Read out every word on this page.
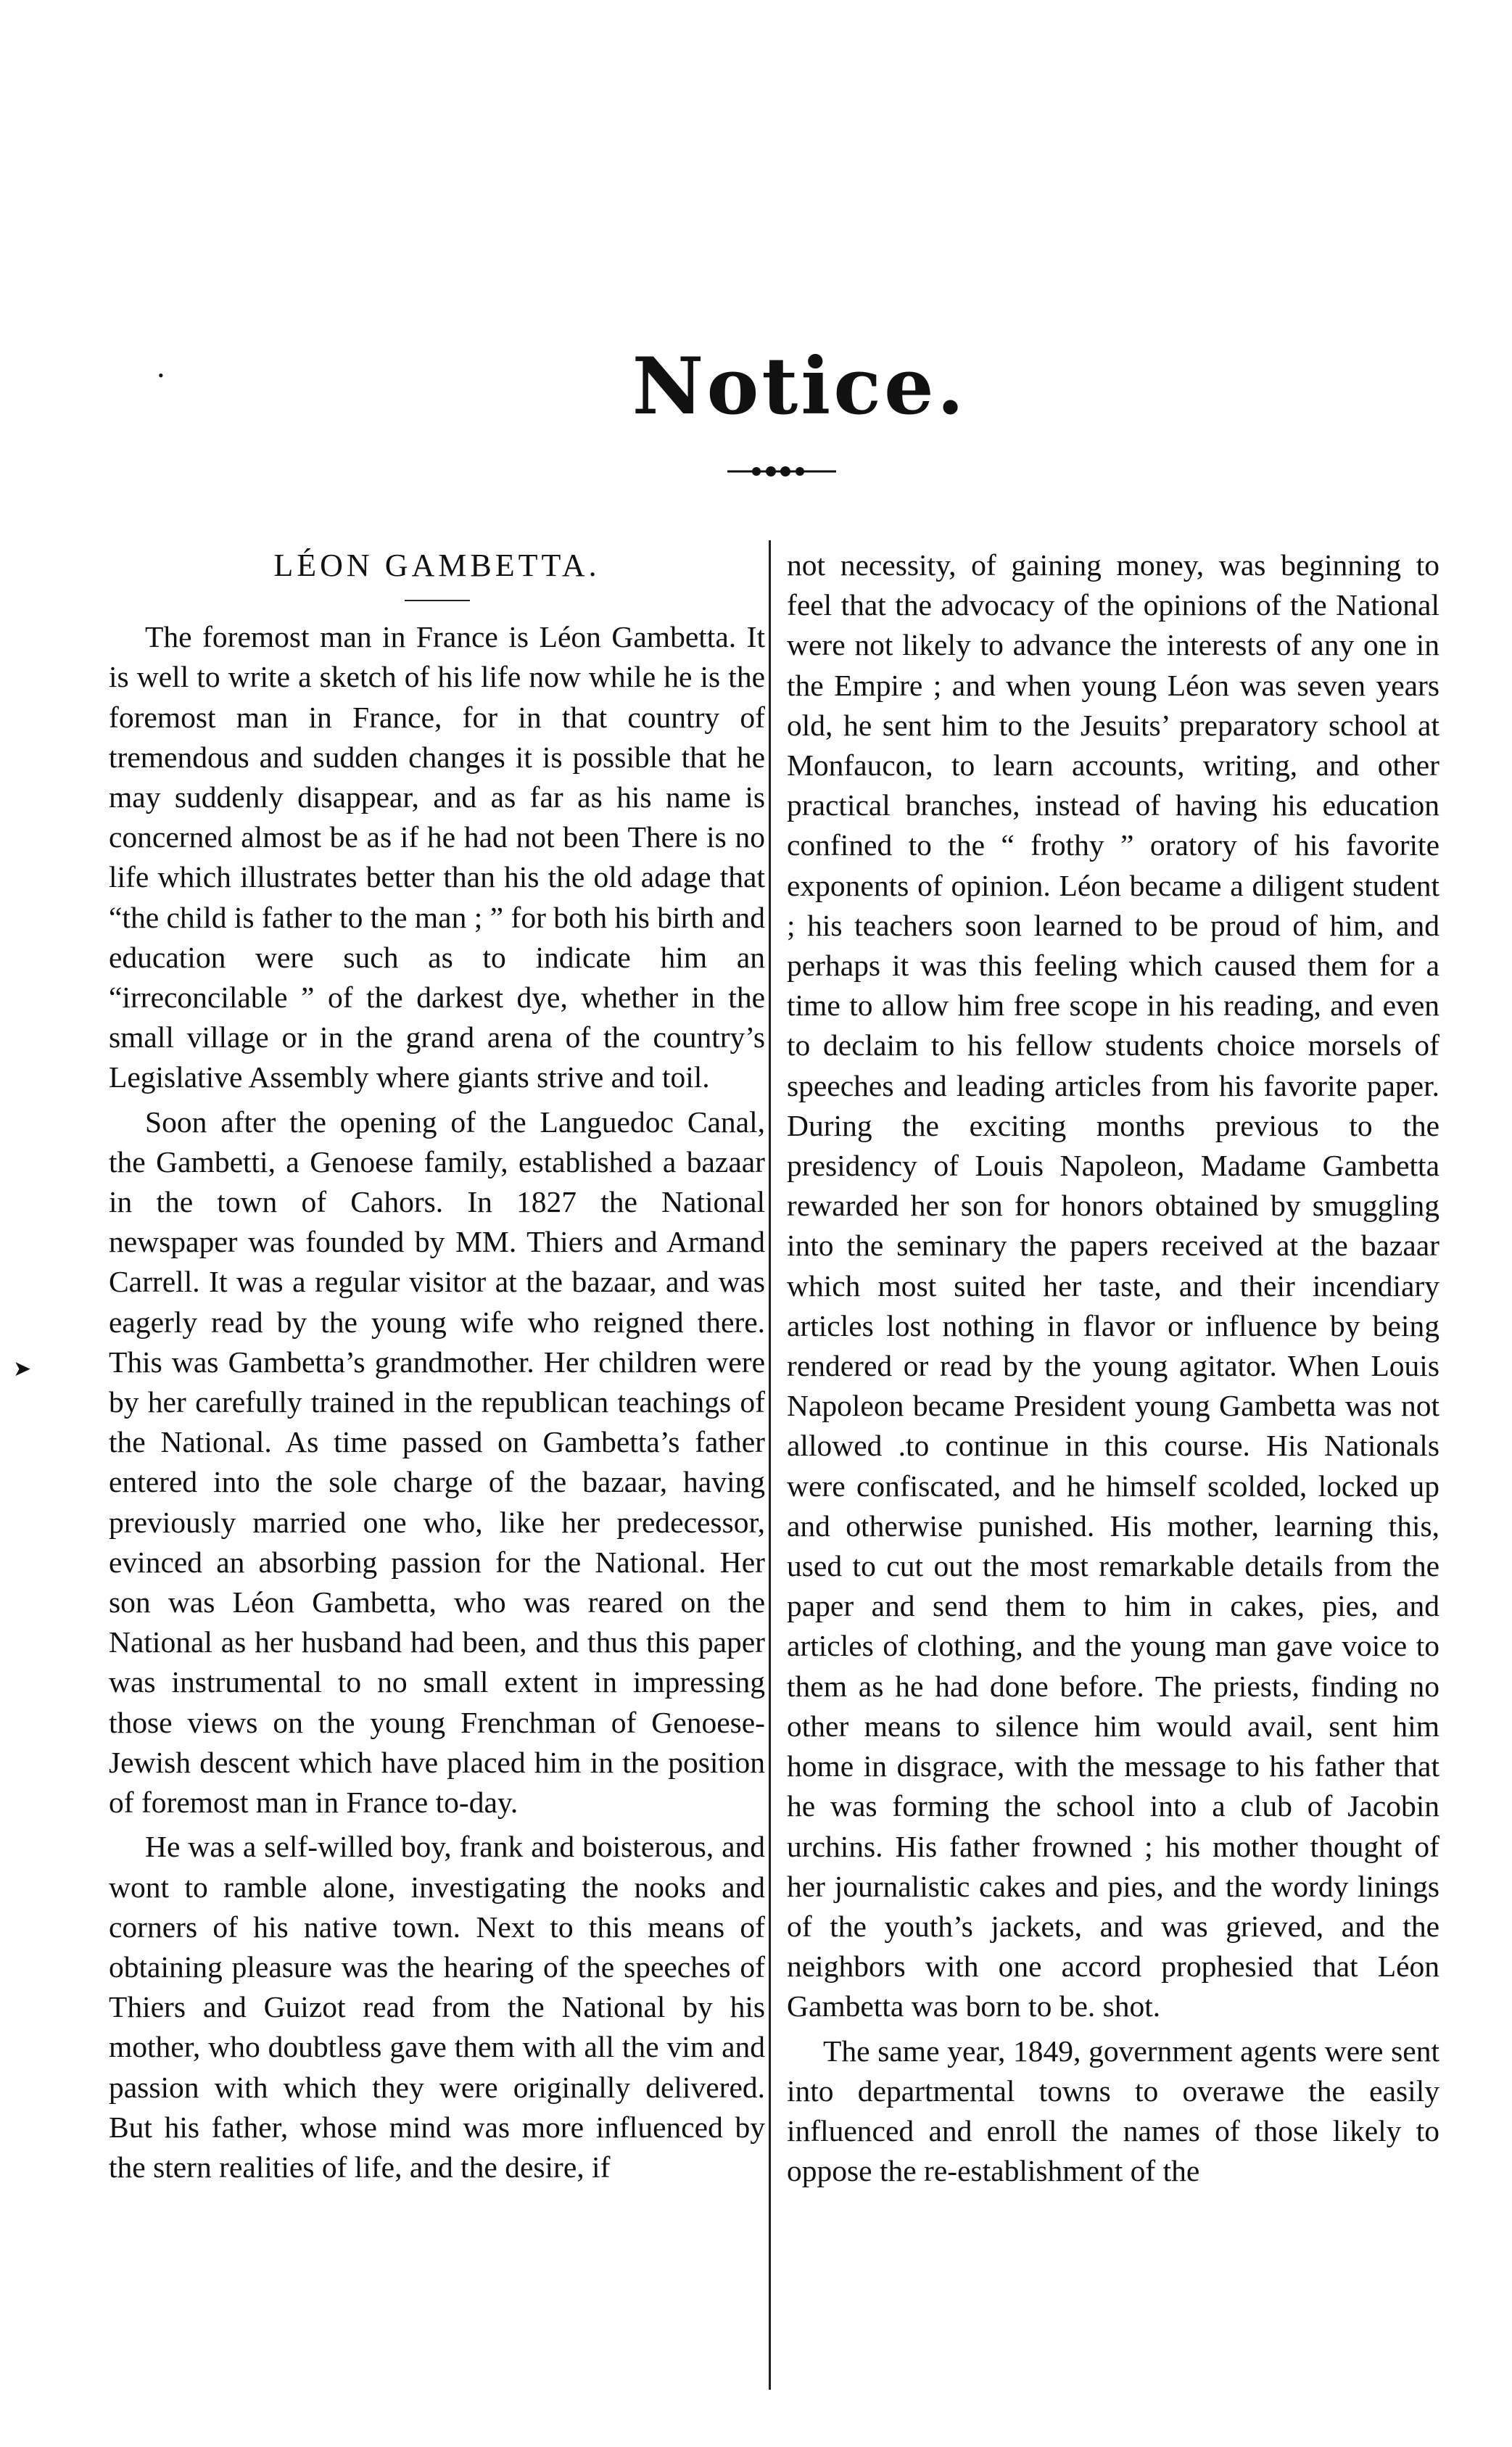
Notice.
•
➤
LÉON GAMBETTA.

The foremost man in France is Léon Gambetta. It is well to write a sketch of his life now while he is the foremost man in France, for in that country of tremendous and sudden changes it is possible that he may suddenly disappear, and as far as his name is concerned almost be as if he had not been There is no life which illustrates better than his the old adage that “the child is father to the man ; ” for both his birth and education were such as to indicate him an “irreconcilable ” of the darkest dye, whether in the small village or in the grand arena of the country’s Legislative Assembly where giants strive and toil.

Soon after the opening of the Languedoc Canal, the Gambetti, a Genoese family, established a bazaar in the town of Cahors. In 1827 the National newspaper was founded by MM. Thiers and Armand Carrell. It was a regular visitor at the bazaar, and was eagerly read by the young wife who reigned there. This was Gambetta’s grandmother. Her children were by her carefully trained in the republican teachings of the National. As time passed on Gambetta’s father entered into the sole charge of the bazaar, having previously married one who, like her predecessor, evinced an absorbing passion for the National. Her son was Léon Gambetta, who was reared on the National as her husband had been, and thus this paper was instrumental to no small extent in impressing those views on the young Frenchman of Genoese-Jewish descent which have placed him in the position of foremost man in France to-day.

He was a self-willed boy, frank and boisterous, and wont to ramble alone, investigating the nooks and corners of his native town. Next to this means of obtaining pleasure was the hearing of the speeches of Thiers and Guizot read from the National by his mother, who doubtless gave them with all the vim and passion with which they were originally delivered. But his father, whose mind was more influenced by the stern realities of life, and the desire, if

not necessity, of gaining money, was beginning to feel that the advocacy of the opinions of the National were not likely to advance the interests of any one in the Empire ; and when young Léon was seven years old, he sent him to the Jesuits’ preparatory school at Monfaucon, to learn accounts, writing, and other practical branches, instead of having his education confined to the “ frothy ” oratory of his favorite exponents of opinion. Léon became a diligent student ; his teachers soon learned to be proud of him, and perhaps it was this feeling which caused them for a time to allow him free scope in his reading, and even to declaim to his fellow students choice morsels of speeches and leading articles from his favorite paper. During the exciting months previous to the presidency of Louis Napoleon, Madame Gambetta rewarded her son for honors obtained by smuggling into the seminary the papers received at the bazaar which most suited her taste, and their incendiary articles lost nothing in flavor or influence by being rendered or read by the young agitator. When Louis Napoleon became President young Gambetta was not allowed .to continue in this course. His Nationals were confiscated, and he himself scolded, locked up and otherwise punished. His mother, learning this, used to cut out the most remarkable details from the paper and send them to him in cakes, pies, and articles of clothing, and the young man gave voice to them as he had done before. The priests, finding no other means to silence him would avail, sent him home in disgrace, with the message to his father that he was forming the school into a club of Jacobin urchins. His father frowned ; his mother thought of her journalistic cakes and pies, and the wordy linings of the youth’s jackets, and was grieved, and the neighbors with one accord prophesied that Léon Gambetta was born to be. shot.

The same year, 1849, government agents were sent into departmental towns to overawe the easily influenced and enroll the names of those likely to oppose the re-establishment of the
